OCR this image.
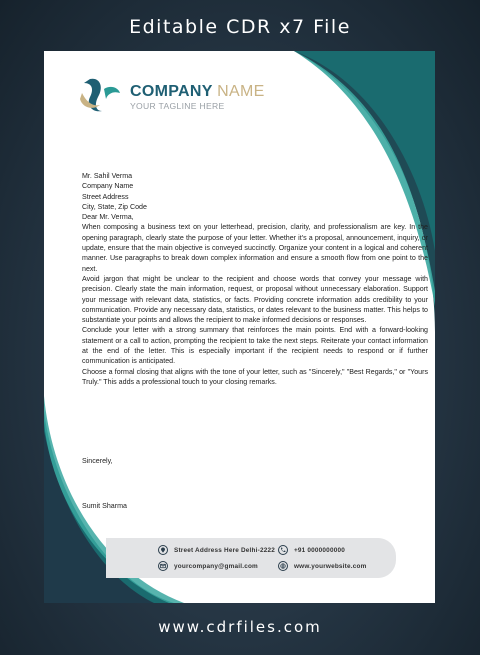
Editable CDR x7 File
COMPANY NAME
YOUR TAGLINE HERE

Mr. Sahil Verma

Company Name

Street Address

City, State, Zip Code

Dear Mr. Verma,

When composing a business text on your letterhead, precision, clarity, and professionalism are key. In the opening paragraph, clearly state the purpose of your letter. Whether it's a proposal, announcement, inquiry, or update, ensure that the main objective is conveyed succinctly. Organize your content in a logical and coherent manner. Use paragraphs to break down complex information and ensure a smooth flow from one point to the next.

Avoid jargon that might be unclear to the recipient and choose words that convey your message with precision. Clearly state the main information, request, or proposal without unnecessary elaboration. Support your message with relevant data, statistics, or facts. Providing concrete information adds credibility to your communication. Provide any necessary data, statistics, or dates relevant to the business matter. This helps to substantiate your points and allows the recipient to make informed decisions or responses.

Conclude your letter with a strong summary that reinforces the main points. End with a forward-looking statement or a call to action, prompting the recipient to take the next steps. Reiterate your contact information at the end of the letter. This is especially important if the recipient needs to respond or if further communication is anticipated.

Choose a formal closing that aligns with the tone of your letter, such as "Sincerely," "Best Regards," or "Yours Truly." This adds a professional touch to your closing remarks.

Sincerely,
Sumit Sharma
Street Address Here Delhi-2222	+91 0000000000
yourcompany@gmail.com	www.yourwebsite.com
www.cdrfiles.com
